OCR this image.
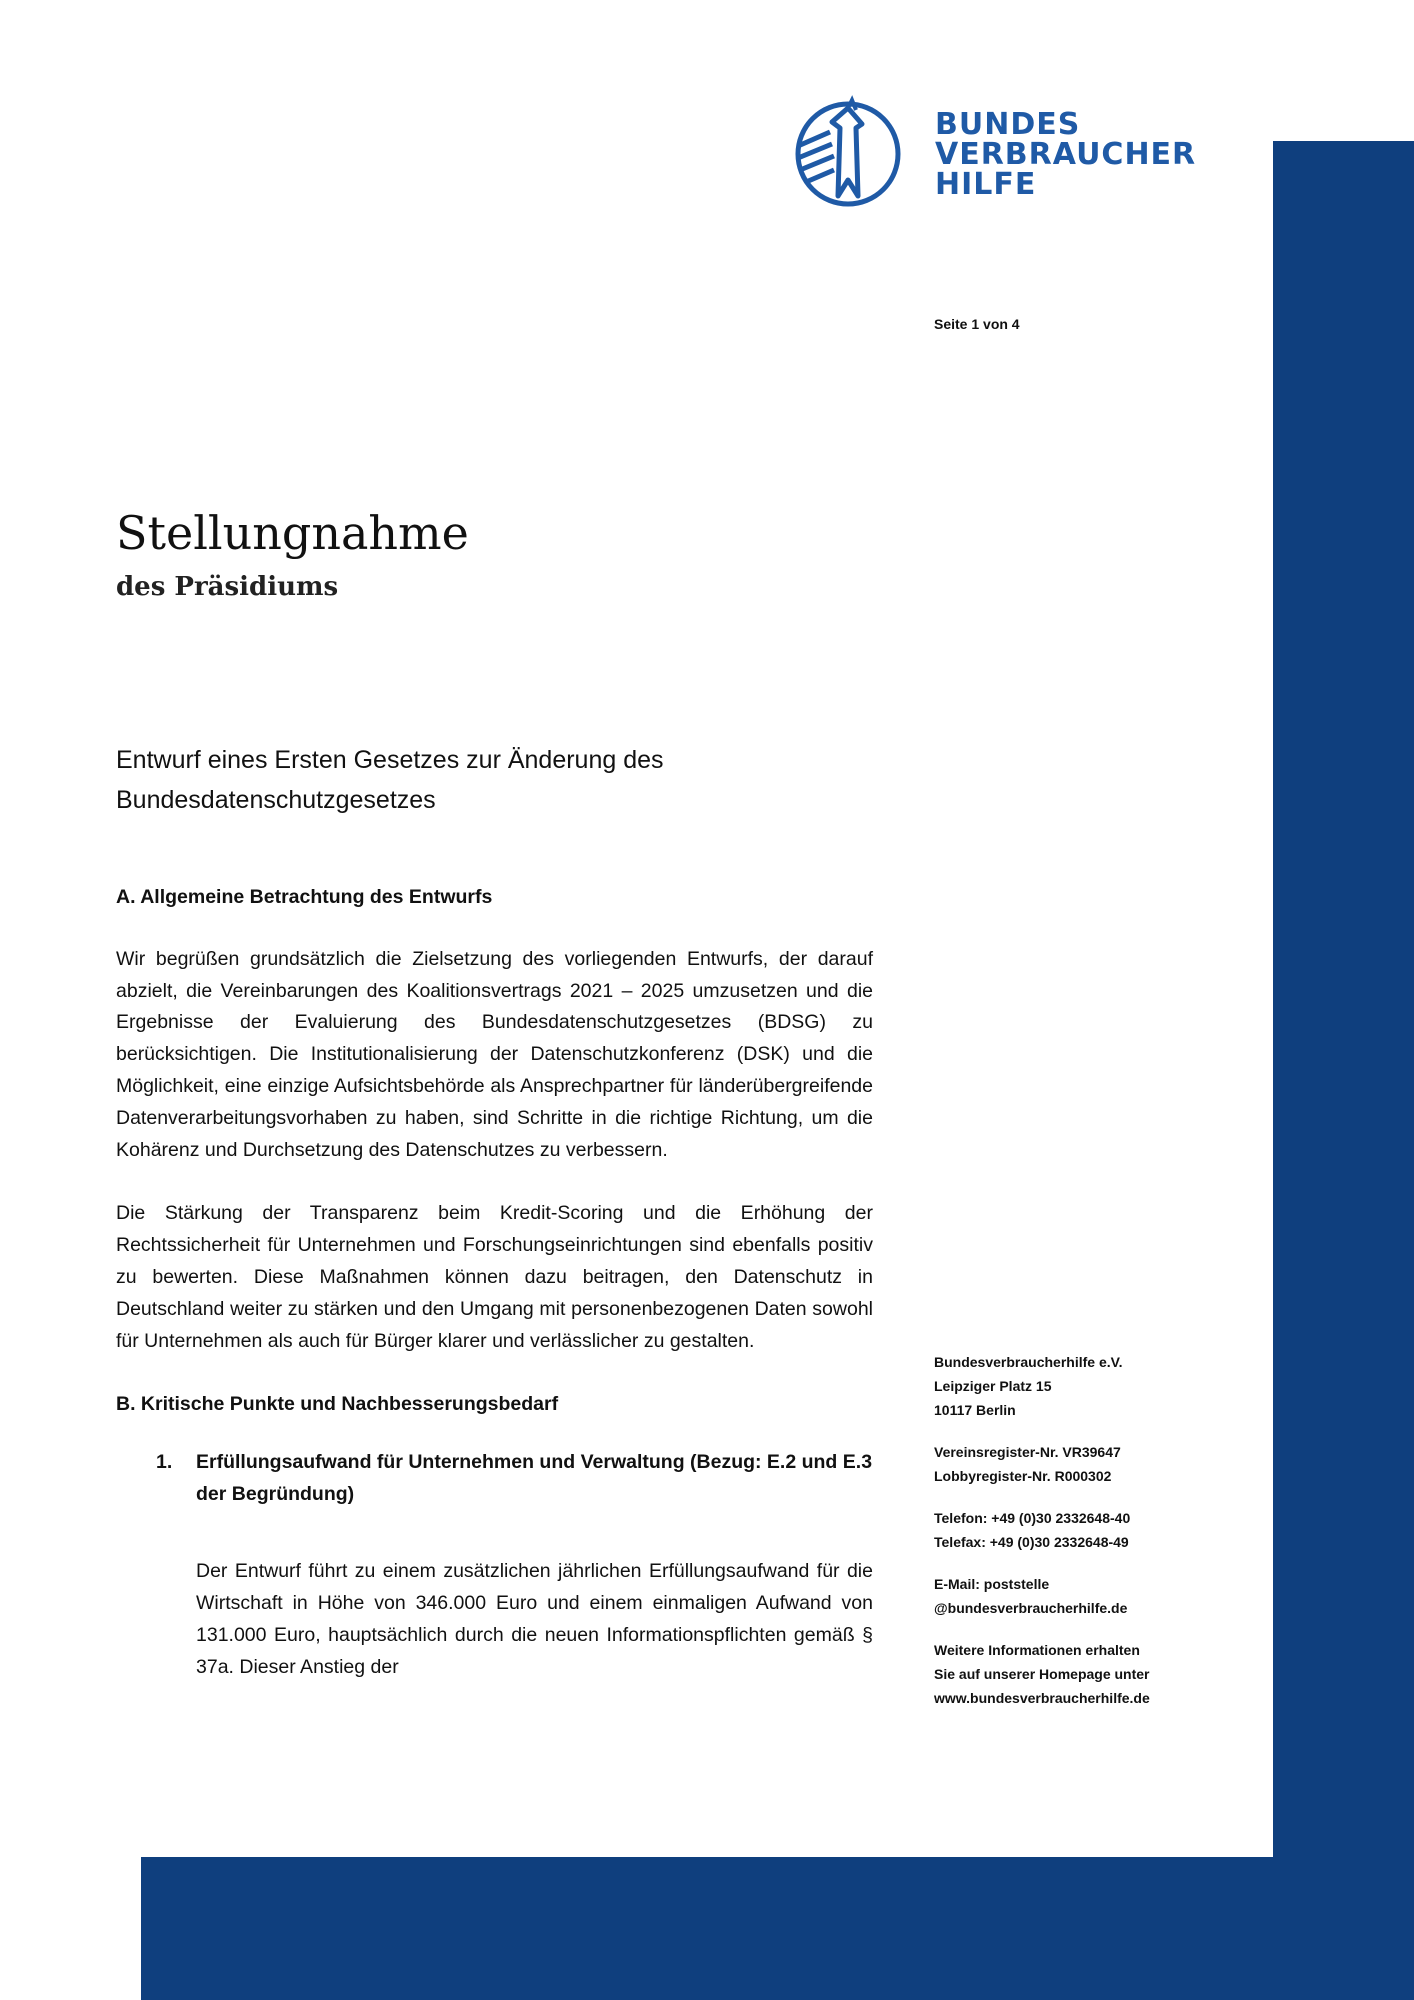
BUNDES
VERBRAUCHER
HILFE
Seite 1 von 4
Stellungnahme
des Präsidiums
Entwurf eines Ersten Gesetzes zur Änderung des Bundesdatenschutzgesetzes

A. Allgemeine Betrachtung des Entwurfs

Wir begrüßen grundsätzlich die Zielsetzung des vorliegenden Entwurfs, der darauf abzielt, die Vereinbarungen des Koalitionsvertrags 2021 – 2025 umzusetzen und die Ergebnisse der Evaluierung des Bundesdatenschutzgesetzes (BDSG) zu berücksichtigen. Die Institutionalisierung der Datenschutzkonferenz (DSK) und die Möglichkeit, eine einzige Aufsichtsbehörde als Ansprechpartner für länderübergreifende Datenverarbeitungsvorhaben zu haben, sind Schritte in die richtige Richtung, um die Kohärenz und Durchsetzung des Datenschutzes zu verbessern.

Die Stärkung der Transparenz beim Kredit-Scoring und die Erhöhung der Rechtssicherheit für Unternehmen und Forschungseinrichtungen sind ebenfalls positiv zu bewerten. Diese Maßnahmen können dazu beitragen, den Datenschutz in Deutschland weiter zu stärken und den Umgang mit personenbezogenen Daten sowohl für Unternehmen als auch für Bürger klarer und verlässlicher zu gestalten.

B. Kritische Punkte und Nachbesserungsbedarf

1.	Erfüllungsaufwand für Unternehmen und Verwaltung (Bezug: E.2 und E.3 der Begründung)

Der Entwurf führt zu einem zusätzlichen jährlichen Erfüllungsaufwand für die Wirtschaft in Höhe von 346.000 Euro und einem einmaligen Aufwand von 131.000 Euro, hauptsächlich durch die neuen Informationspflichten gemäß § 37a. Dieser Anstieg der

Bundesverbraucherhilfe e.V.
Leipziger Platz 15
10117 Berlin
Vereinsregister-Nr. VR39647
Lobbyregister-Nr. R000302
Telefon: +49 (0)30 2332648-40
Telefax: +49 (0)30 2332648-49
E-Mail: poststelle
@bundesverbraucherhilfe.de
Weitere Informationen erhalten
Sie auf unserer Homepage unter
www.bundesverbraucherhilfe.de
